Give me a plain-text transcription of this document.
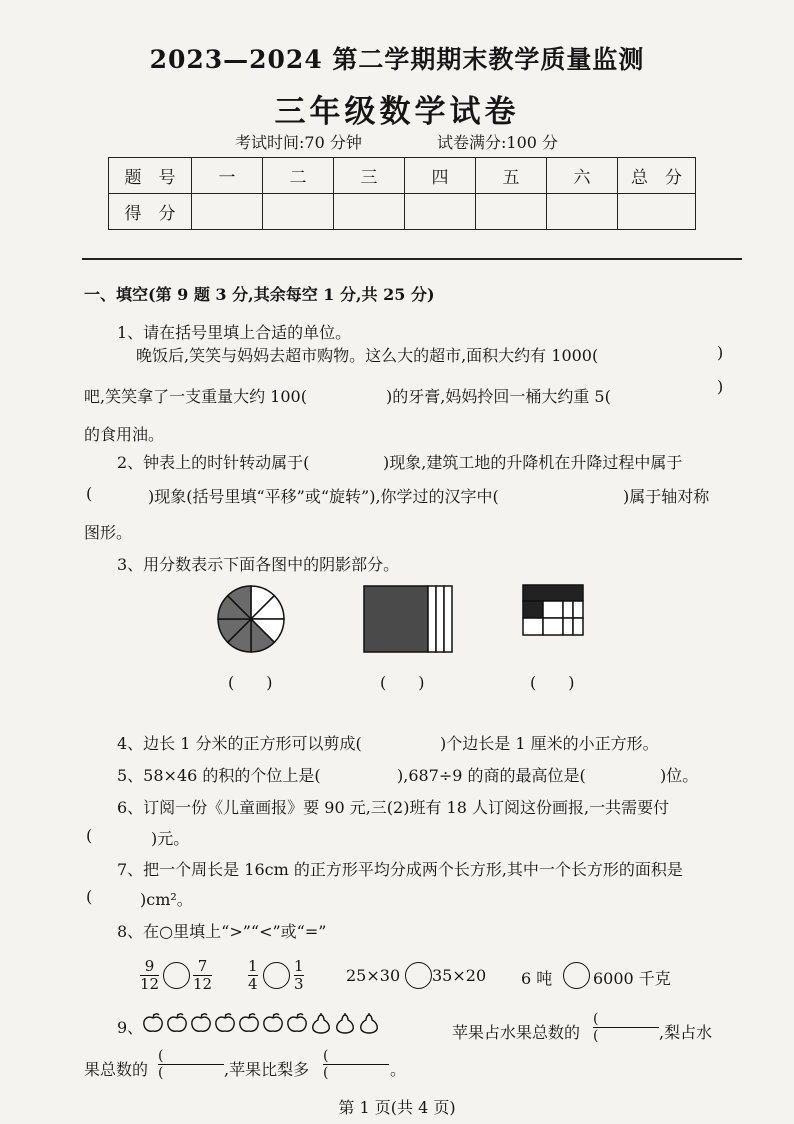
2023—2024 第二学期期末教学质量监测
三年级数学试卷
考试时间:70 分钟	试卷满分:100 分
题　号	一	二	三	四	五	六	总　分
得　分							
一、填空(第 9 题 3 分,其余每空 1 分,共 25 分)
1、请在括号里填上合适的单位。
晚饭后,笑笑与妈妈去超市购物。这么大的超市,面积大约有 1000(	)
吧,笑笑拿了一支重量大约 100(	)的牙膏,妈妈拎回一桶大约重 5(
)
的食用油。
2、钟表上的时针转动属于(	)现象,建筑工地的升降机在升降过程中属于
(	)现象(括号里填“平移”或“旋转”),你学过的汉字中(	)属于轴对称
图形。
3、用分数表示下面各图中的阴影部分。
(　　)	(　　)	(　　)
4、边长 1 分米的正方形可以剪成(	)个边长是 1 厘米的小正方形。
5、58×46 的积的个位上是(	),687÷9 的商的最高位是(	)位。
6、订阅一份《儿童画报》要 90 元,三(2)班有 18 人订阅这份画报,一共需要付
(	)元。
7、把一个周长是 16cm 的正方形平均分成两个长方形,其中一个长方形的面积是
(	)cm²。
8、在○里填上“>”“<”或“=”
9
12
7
12
1
4
1
3	25×30 35×20 6 吨	6000 千克
9、	苹果占水果总数的
(
(	,梨占水
果总数的
(
(	,苹果比梨多
(
(	。
第 1 页(共 4 页)
